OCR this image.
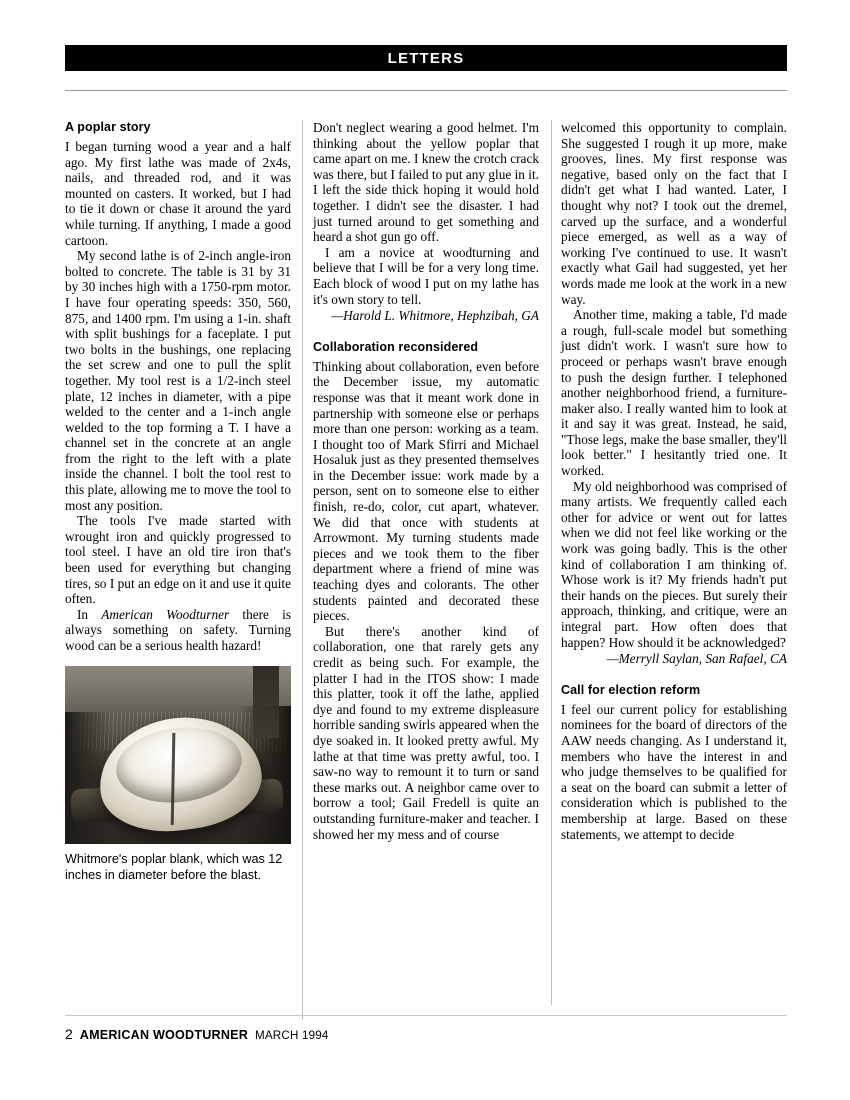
LETTERS
A poplar story

I began turning wood a year and a half ago. My first lathe was made of 2x4s, nails, and threaded rod, and it was mounted on casters. It worked, but I had to tie it down or chase it around the yard while turning. If anything, I made a good cartoon.

My second lathe is of 2-inch angle-iron bolted to concrete. The table is 31 by 31 by 30 inches high with a 1750-rpm motor. I have four operating speeds: 350, 560, 875, and 1400 rpm. I'm using a 1-in. shaft with split bushings for a faceplate. I put two bolts in the bushings, one replacing the set screw and one to pull the split together. My tool rest is a 1/2-inch steel plate, 12 inches in diameter, with a pipe welded to the center and a 1-inch angle welded to the top forming a T. I have a channel set in the concrete at an angle from the right to the left with a plate inside the channel. I bolt the tool rest to this plate, allowing me to move the tool to most any position.

The tools I've made started with wrought iron and quickly progressed to tool steel. I have an old tire iron that's been used for everything but changing tires, so I put an edge on it and use it quite often.

In American Woodturner there is always something on safety. Turning wood can be a serious health hazard!

Whitmore's poplar blank, which was 12 inches in diameter before the blast.

Don't neglect wearing a good helmet. I'm thinking about the yellow poplar that came apart on me. I knew the crotch crack was there, but I failed to put any glue in it. I left the side thick hoping it would hold together. I didn't see the disaster. I had just turned around to get something and heard a shot gun go off.

I am a novice at woodturning and believe that I will be for a very long time. Each block of wood I put on my lathe has it's own story to tell.

—Harold L. Whitmore, Hephzibah, GA

Collaboration reconsidered

Thinking about collaboration, even before the December issue, my automatic response was that it meant work done in partnership with someone else or perhaps more than one person: working as a team. I thought too of Mark Sfirri and Michael Hosaluk just as they presented themselves in the December issue: work made by a person, sent on to someone else to either finish, re-do, color, cut apart, whatever. We did that once with students at Arrowmont. My turning students made pieces and we took them to the fiber department where a friend of mine was teaching dyes and colorants. The other students painted and decorated these pieces.

But there's another kind of collaboration, one that rarely gets any credit as being such. For example, the platter I had in the ITOS show: I made this platter, took it off the lathe, applied dye and found to my extreme displeasure horrible sanding swirls appeared when the dye soaked in. It looked pretty awful. My lathe at that time was pretty awful, too. I saw-no way to remount it to turn or sand these marks out. A neighbor came over to borrow a tool; Gail Fredell is quite an outstanding furniture-maker and teacher. I showed her my mess and of course

welcomed this opportunity to complain. She suggested I rough it up more, make grooves, lines. My first response was negative, based only on the fact that I didn't get what I had wanted. Later, I thought why not? I took out the dremel, carved up the surface, and a wonderful piece emerged, as well as a way of working I've continued to use. It wasn't exactly what Gail had suggested, yet her words made me look at the work in a new way.

Another time, making a table, I'd made a rough, full-scale model but something just didn't work. I wasn't sure how to proceed or perhaps wasn't brave enough to push the design further. I telephoned another neighborhood friend, a furniture-maker also. I really wanted him to look at it and say it was great. Instead, he said, "Those legs, make the base smaller, they'll look better." I hesitantly tried one. It worked.

My old neighborhood was comprised of many artists. We frequently called each other for advice or went out for lattes when we did not feel like working or the work was going badly. This is the other kind of collaboration I am thinking of. Whose work is it? My friends hadn't put their hands on the pieces. But surely their approach, thinking, and critique, were an integral part. How often does that happen? How should it be acknowledged?

—Merryll Saylan, San Rafael, CA

Call for election reform

I feel our current policy for establishing nominees for the board of directors of the AAW needs changing. As I understand it, members who have the interest in and who judge themselves to be qualified for a seat on the board can submit a letter of consideration which is published to the membership at large. Based on these statements, we attempt to decide

2 AMERICAN WOODTURNER MARCH 1994
